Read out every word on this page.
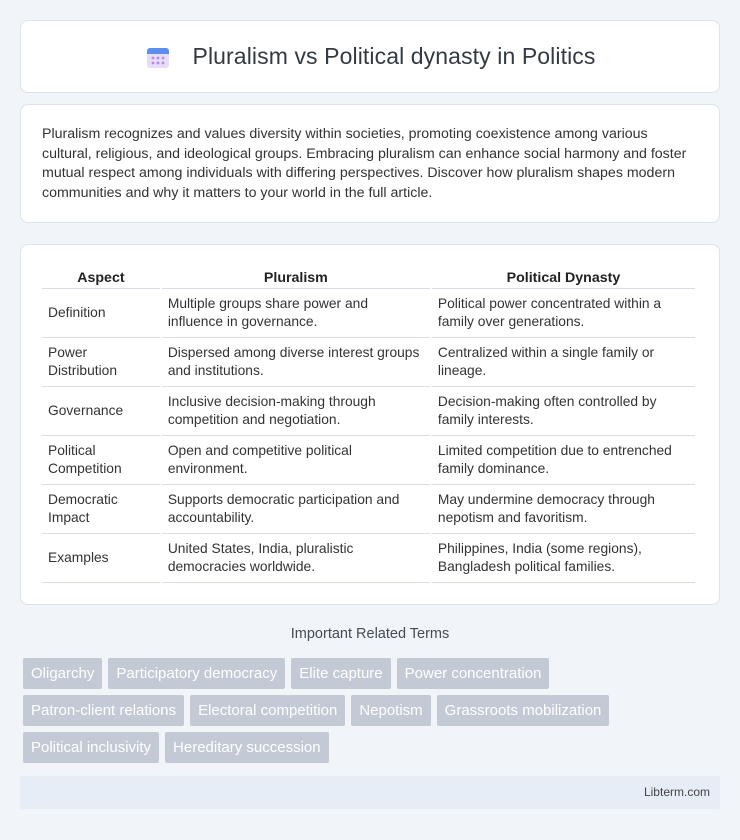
Pluralism vs Political dynasty in Politics

Pluralism recognizes and values diversity within societies, promoting coexistence among various cultural, religious, and ideological groups. Embracing pluralism can enhance social harmony and foster mutual respect among individuals with differing perspectives. Discover how pluralism shapes modern communities and why it matters to your world in the full article.

Aspect	Pluralism	Political Dynasty
Definition	Multiple groups share power and influence in governance.	Political power concentrated within a family over generations.
Power Distribution	Dispersed among diverse interest groups and institutions.	Centralized within a single family or lineage.
Governance	Inclusive decision-making through competition and negotiation.	Decision-making often controlled by family interests.
Political Competition	Open and competitive political environment.	Limited competition due to entrenched family dominance.
Democratic Impact	Supports democratic participation and accountability.	May undermine democracy through nepotism and favoritism.
Examples	United States, India, pluralistic democracies worldwide.	Philippines, India (some regions), Bangladesh political families.
Important Related Terms
Oligarchy	Participatory democracy	Elite capture	Power concentration
Patron-client relations	Electoral competition	Nepotism	Grassroots mobilization
Political inclusivity	Hereditary succession
Libterm.com
